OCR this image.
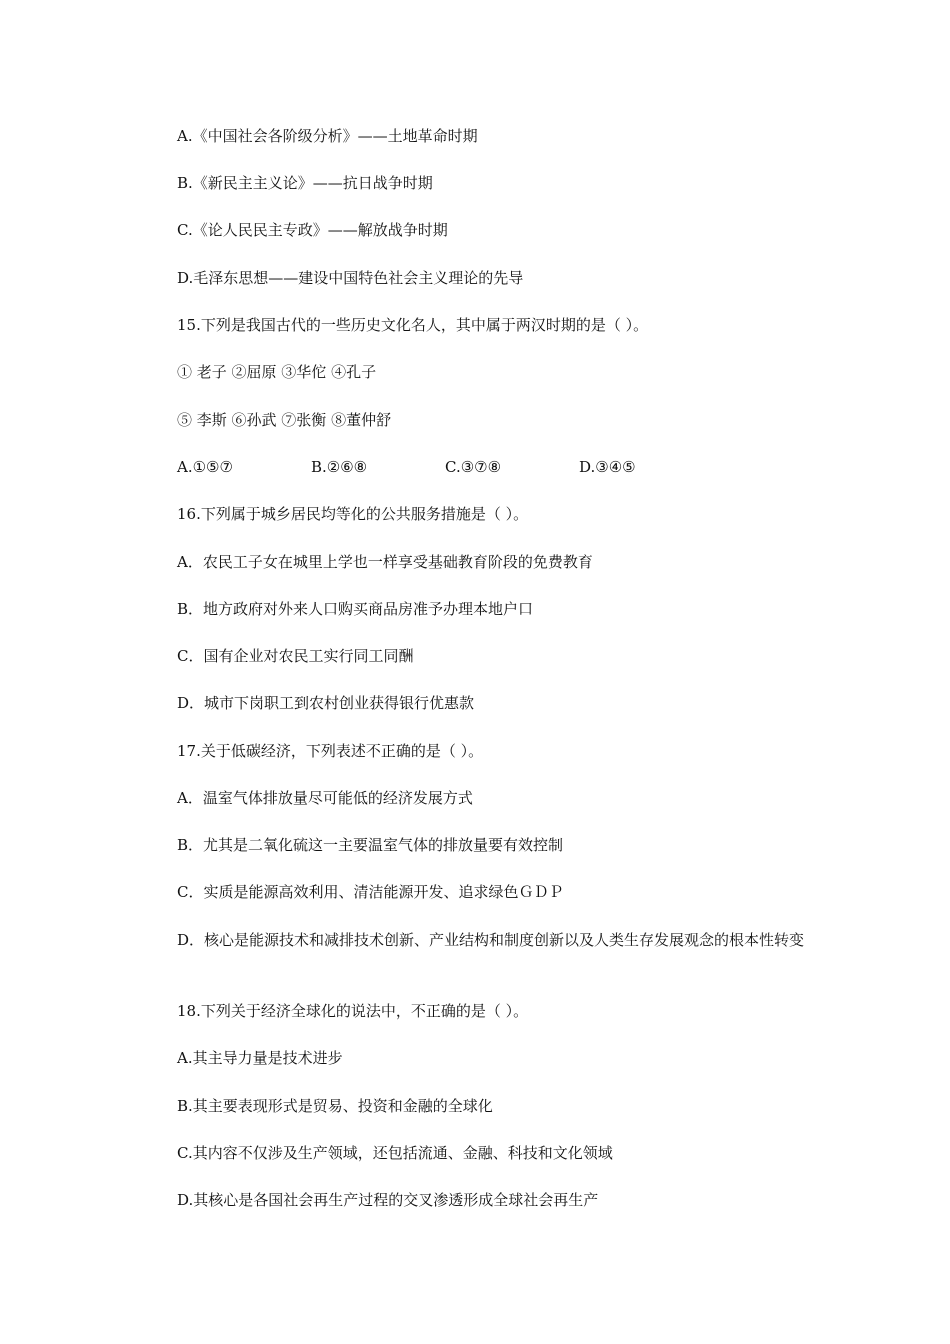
A.《中国社会各阶级分析》——土地革命时期
B.《新民主主义论》——抗日战争时期
C.《论人民民主专政》——解放战争时期
D.毛泽东思想——建设中国特色社会主义理论的先导
15.下列是我国古代的一些历史文化名人，其中属于两汉时期的是（ ）。
① 老子 ②屈原 ③华佗 ④孔子
⑤ 李斯 ⑥孙武 ⑦张衡 ⑧董仲舒
A.①⑤⑦	B.②⑥⑧	C.③⑦⑧	D.③④⑤
16.下列属于城乡居民均等化的公共服务措施是（ ）。
A．农民工子女在城里上学也一样享受基础教育阶段的免费教育
B．地方政府对外来人口购买商品房准予办理本地户口
C．国有企业对农民工实行同工同酬
D．城市下岗职工到农村创业获得银行优惠款
17.关于低碳经济，下列表述不正确的是（ ）。
A．温室气体排放量尽可能低的经济发展方式
B．尤其是二氧化硫这一主要温室气体的排放量要有效控制
C．实质是能源高效利用、清洁能源开发、追求绿色ＧＤＰ
D．核心是能源技术和减排技术创新、产业结构和制度创新以及人类生存发展观念的根本性转变
18.下列关于经济全球化的说法中，不正确的是（ ）。
A.其主导力量是技术进步
B.其主要表现形式是贸易、投资和金融的全球化
C.其内容不仅涉及生产领域，还包括流通、金融、科技和文化领域
D.其核心是各国社会再生产过程的交叉渗透形成全球社会再生产
